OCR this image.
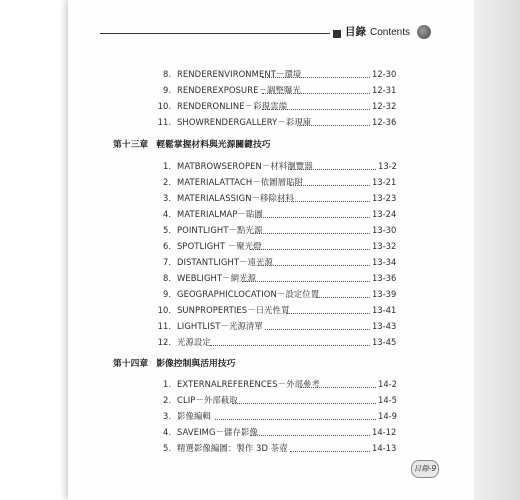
目錄 Contents
8. RENDERENVIRONMENT－環境	12-30
9. RENDEREXPOSURE－調整曝光	12-31
10. RENDERONLINE－彩現雲端	12-32
11. SHOWRENDERGALLERY－彩現庫	12-36
第十三章 輕鬆掌握材料與光源關鍵技巧
1. MATBROWSEROPEN－材料瀏覽器	13-2
2. MATERIALATTACH－依圖層貼附	13-21
3. MATERIALASSIGN－移除材料	13-23
4. MATERIALMAP－貼圖	13-24
5. POINTLIGHT－點光源	13-30
6. SPOTLIGHT －聚光燈	13-32
7. DISTANTLIGHT－遠光源	13-34
8. WEBLIGHT－網光源	13-36
9. GEOGRAPHICLOCATION－設定位置	13-39
10. SUNPROPERTIES－日光性質	13-41
11. LIGHTLIST－光源清單	13-43
12. 光源設定	13-45
第十四章 影像控制與活用技巧
1. EXTERNALREFERENCES－外部參考	14-2
2. CLIP－外部截取	14-5
3. 影像編輯	14-9
4. SAVEIMG－儲存影像	14-12
5. 精選影像編圖：製作 3D 茶壺	14-13
目錄-9
